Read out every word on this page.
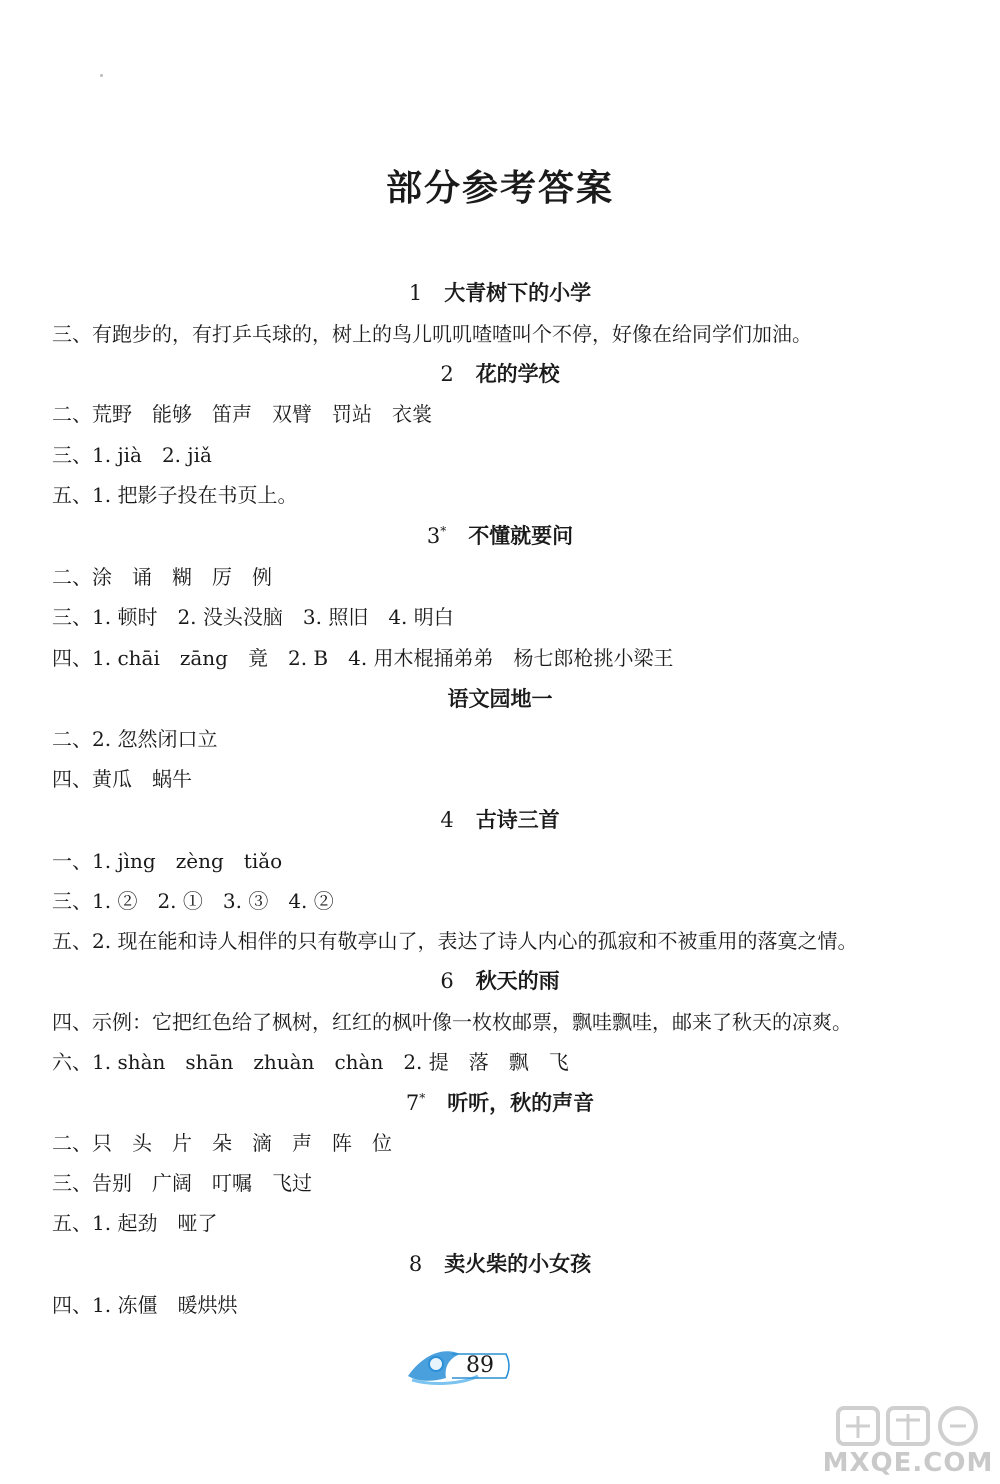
部分参考答案
1 大青树下的小学
三、有跑步的，有打乒乓球的，树上的鸟儿叽叽喳喳叫个不停，好像在给同学们加油。
2 花的学校
二、荒野　能够　笛声　双臂　罚站　衣裳
三、1. jià　2. jiǎ
五、1. 把影子投在书页上。
3* 不懂就要问
二、涂　诵　糊　厉　例
三、1. 顿时　2. 没头没脑　3. 照旧　4. 明白
四、1. chāi　zāng　竟　2. B　4. 用木棍捅弟弟　杨七郎枪挑小梁王
语文园地一
二、2. 忽然闭口立
四、黄瓜　蜗牛
4 古诗三首
一、1. jìng　zèng　tiǎo
三、1. ②　2. ①　3. ③　4. ②
五、2. 现在能和诗人相伴的只有敬亭山了，表达了诗人内心的孤寂和不被重用的落寞之情。
6 秋天的雨
四、示例：它把红色给了枫树，红红的枫叶像一枚枚邮票，飘哇飘哇，邮来了秋天的凉爽。
六、1. shàn　shān　zhuàn　chàn　2. 提　落　飘　飞
7* 听听，秋的声音
二、只　头　片　朵　滴　声　阵　位
三、告别　广阔　叮嘱　飞过
五、1. 起劲　哑了
8 卖火柴的小女孩
四、1. 冻僵　暖烘烘
89
MXQE.COM
